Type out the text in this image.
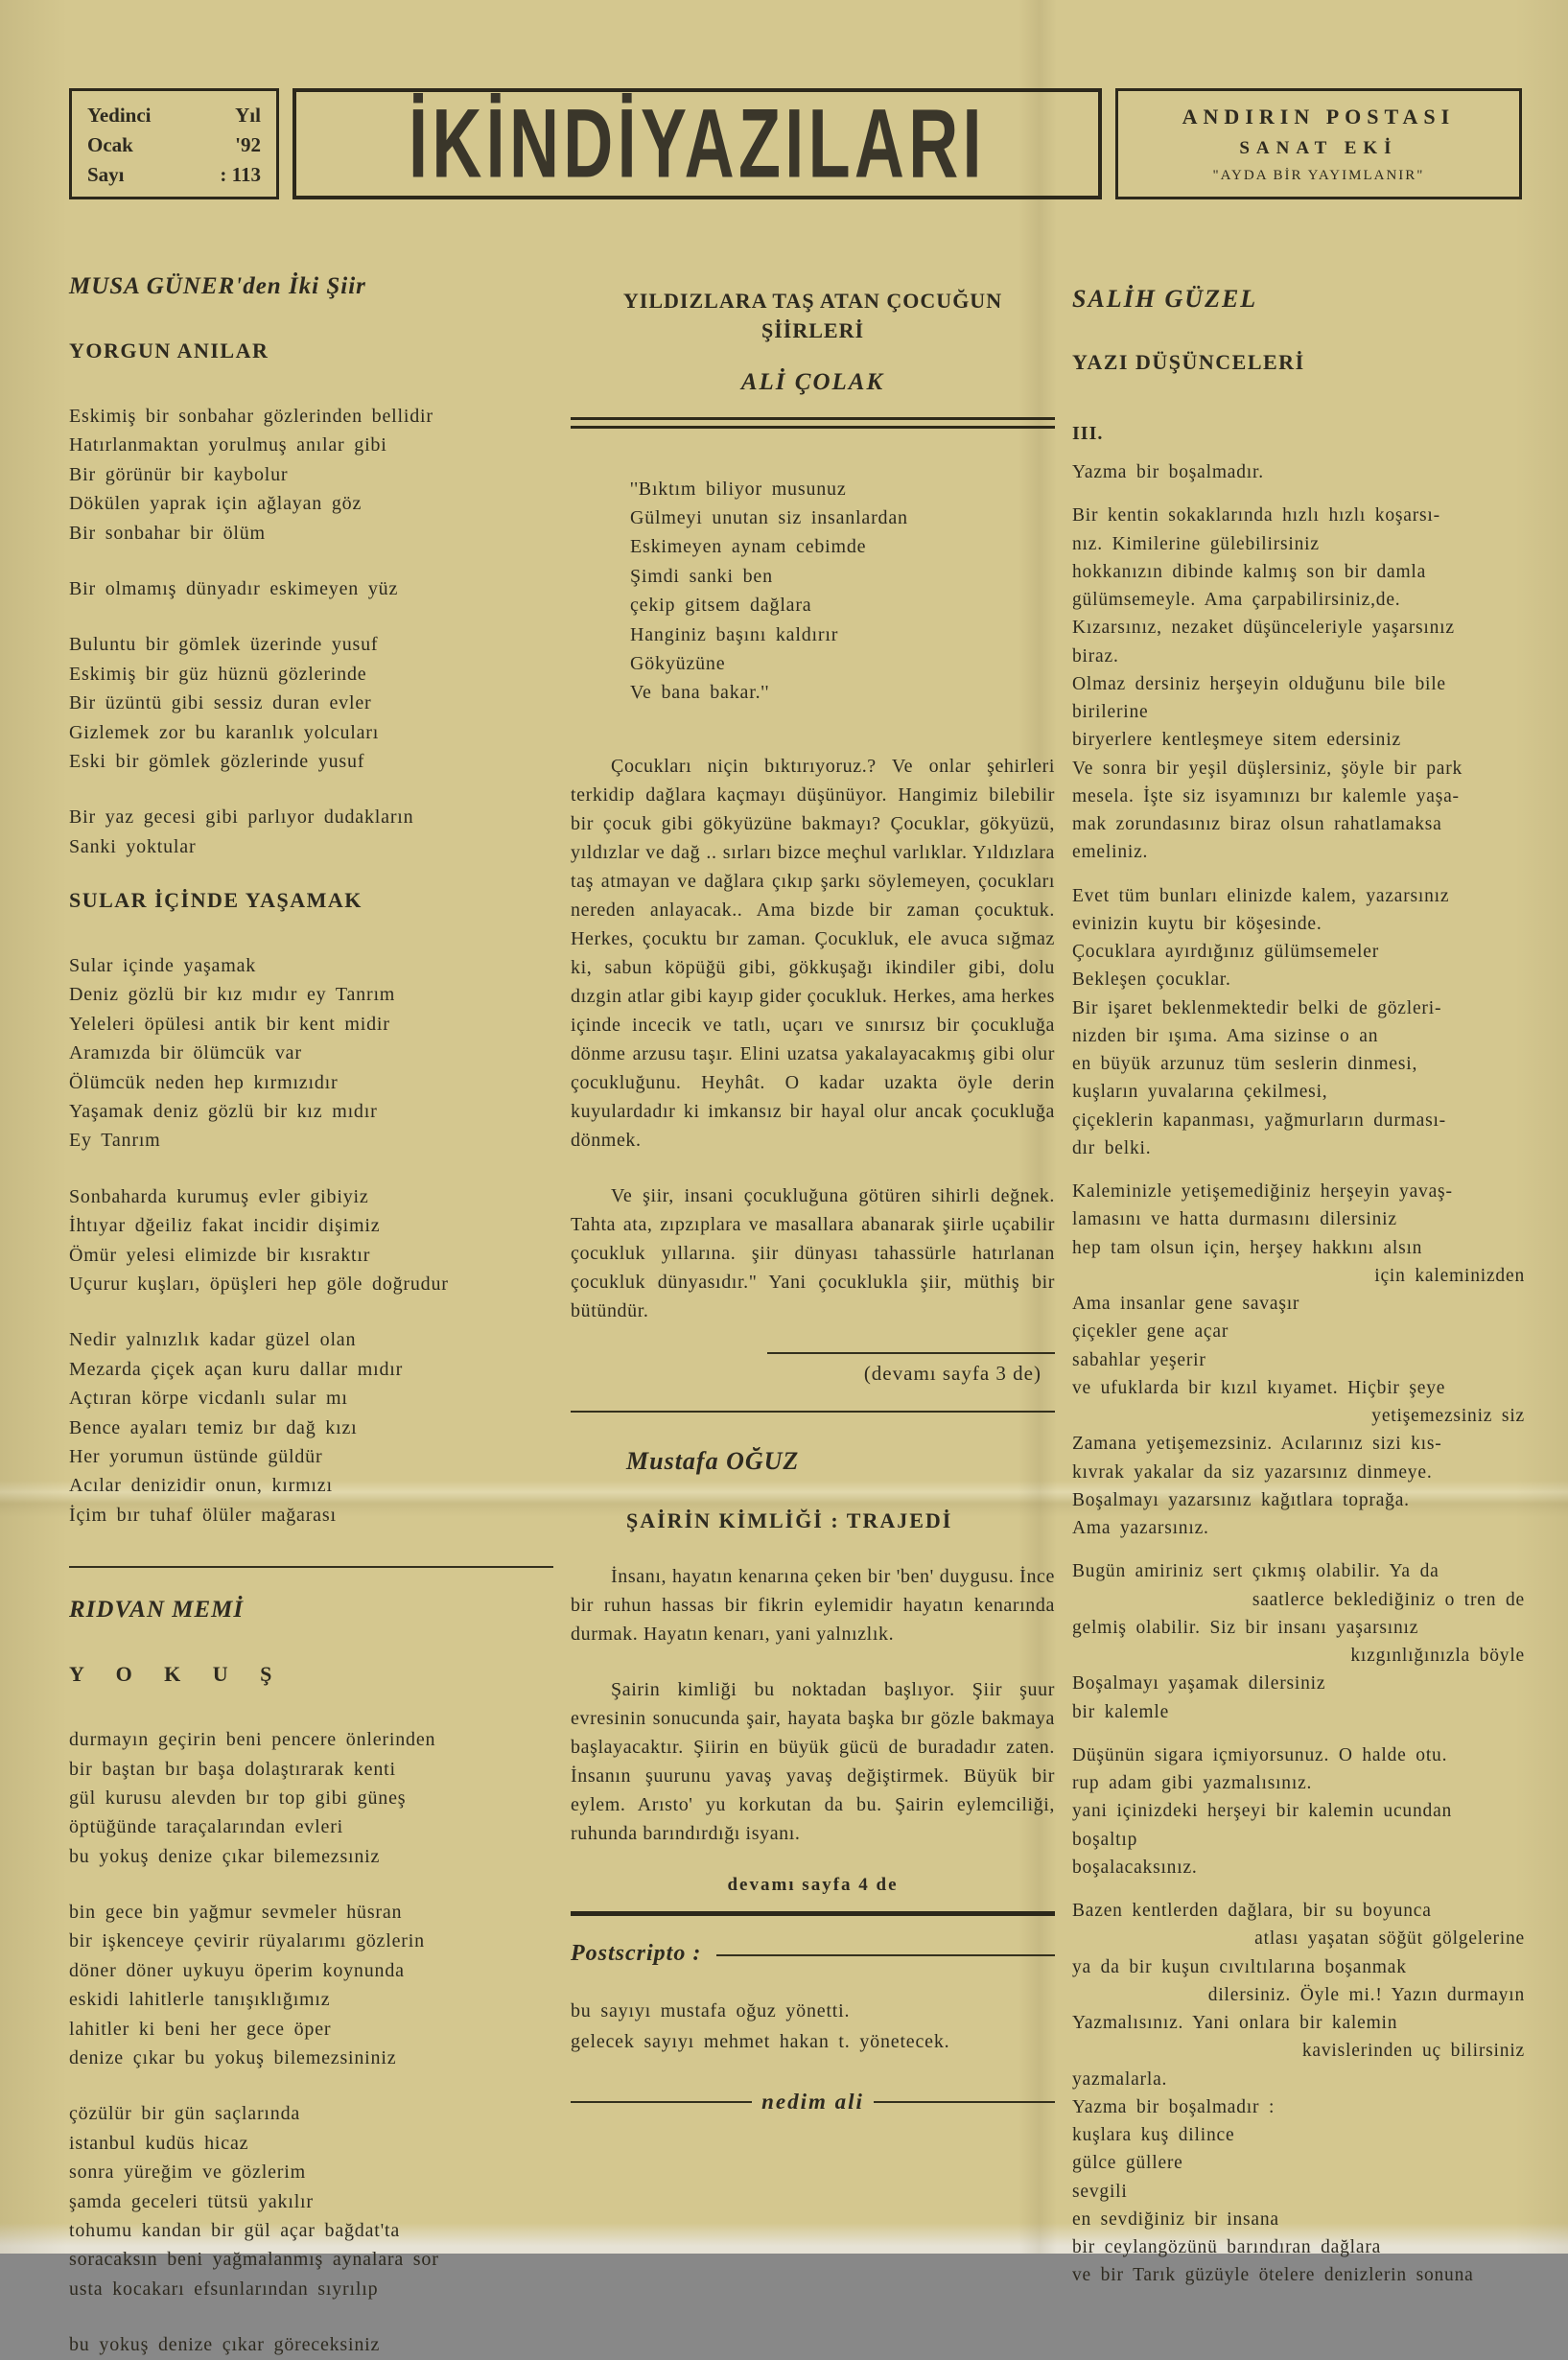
Yedinci	Yıl
Ocak	'92
Sayı	: 113 İKİNDİYAZILARI	ANDIRIN POSTASI
SANAT EKİ
"AYDA BİR YAYIMLANIR"
MUSA GÜNER'den İki Şiir
YORGUN ANILAR
Eskimiş bir sonbahar gözlerinden bellidir
Hatırlanmaktan yorulmuş anılar gibi
Bir görünür bir kaybolur
Dökülen yaprak için ağlayan göz
Bir sonbahar bir ölüm
Bir olmamış dünyadır eskimeyen yüz
Buluntu bir gömlek üzerinde yusuf
Eskimiş bir güz hüznü gözlerinde
Bir üzüntü gibi sessiz duran evler
Gizlemek zor bu karanlık yolcuları
Eski bir gömlek gözlerinde yusuf
Bir yaz gecesi gibi parlıyor dudakların
Sanki yoktular
SULAR İÇİNDE YAŞAMAK
Sular içinde yaşamak
Deniz gözlü bir kız mıdır ey Tanrım
Yeleleri öpülesi antik bir kent midir
Aramızda bir ölümcük var
Ölümcük neden hep kırmızıdır
Yaşamak deniz gözlü bir kız mıdır
Ey Tanrım
Sonbaharda kurumuş evler gibiyiz
İhtıyar dğeiliz fakat incidir dişimiz
Ömür yelesi elimizde bir kısraktır
Uçurur kuşları, öpüşleri hep göle doğrudur
Nedir yalnızlık kadar güzel olan
Mezarda çiçek açan kuru dallar mıdır
Açtıran körpe vicdanlı sular mı
Bence ayaları temiz bır dağ kızı
Her yorumun üstünde güldür
Acılar denizidir onun, kırmızı
İçim bır tuhaf ölüler mağarası
RIDVAN MEMİ
Y O K U Ş
durmayın geçirin beni pencere önlerinden
bir baştan bır başa dolaştırarak kenti
gül kurusu alevden bır top gibi güneş
öptüğünde taraçalarından evleri
bu yokuş denize çıkar bilemezsıniz
bin gece bin yağmur sevmeler hüsran
bir işkenceye çevirir rüyalarımı gözlerin
döner döner uykuyu öperim koynunda
eskidi lahitlerle tanışıklığımız
lahitler ki beni her gece öper
denize çıkar bu yokuş bilemezsininiz
çözülür bir gün saçlarında
istanbul kudüs hicaz
sonra yüreğim ve gözlerim
şamda geceleri tütsü yakılır
tohumu kandan bir gül açar bağdat'ta
soracaksın beni yağmalanmış aynalara sor
usta kocakarı efsunlarından sıyrılıp
bu yokuş denize çıkar göreceksiniz
YILDIZLARA TAŞ ATAN ÇOCUĞUN
ŞİİRLERİ
ALİ ÇOLAK
''Bıktım biliyor musunuz
Gülmeyi unutan siz insanlardan
Eskimeyen aynam cebimde
Şimdi sanki ben
çekip gitsem dağlara
Hanginiz başını kaldırır
Gökyüzüne
Ve bana bakar.''

Çocukları niçin bıktırıyoruz.? Ve onlar şehirleri terkidip dağlara kaçmayı düşünüyor. Hangimiz bilebilir bir çocuk gibi gökyüzüne bakmayı? Çocuklar, gökyüzü, yıldızlar ve dağ .. sırları bizce meçhul varlıklar. Yıldızlara taş atmayan ve dağlara çıkıp şarkı söylemeyen, çocukları nereden anlayacak.. Ama bizde bir zaman çocuktuk. Herkes, çocuktu bır zaman. Çocukluk, ele avuca sığmaz ki, sabun köpüğü gibi, gökkuşağı ikindiler gibi, dolu dızgin atlar gibi kayıp gider çocukluk. Herkes, ama herkes içinde incecik ve tatlı, uçarı ve sınırsız bir çocukluğa dönme arzusu taşır. Elini uzatsa yakalayacakmış gibi olur çocukluğunu. Heyhât. O kadar uzakta öyle derin kuyulardadır ki imkansız bir hayal olur ancak çocukluğa dönmek.

Ve şiir, insani çocukluğuna götüren sihirli değnek. Tahta ata, zıpzıplara ve masallara abanarak şiirle uçabilir çocukluk yıllarına. şiir dünyası tahassürle hatırlanan çocukluk dünyasıdır." Yani çocuklukla şiir, müthiş bir bütündür.

(devamı sayfa 3 de)
Mustafa OĞUZ
ŞAİRİN KİMLİĞİ : TRAJEDİ

İnsanı, hayatın kenarına çeken bir 'ben' duygusu. İnce bir ruhun hassas bir fikrin eylemidir hayatın kenarında durmak. Hayatın kenarı, yani yalnızlık.

Şairin kimliği bu noktadan başlıyor. Şiir şuur evresinin sonucunda şair, hayata başka bır gözle bakmaya başlayacaktır. Şiirin en büyük gücü de buradadır zaten. İnsanın şuurunu yavaş yavaş değiştirmek. Büyük bir eylem. Arısto' yu korkutan da bu. Şairin eylemciliği, ruhunda barındırdığı isyanı.

devamı sayfa 4 de
Postscripto :
bu sayıyı mustafa oğuz yönetti.
gelecek sayıyı mehmet hakan t. yönetecek.
nedim ali
SALİH GÜZEL
YAZI DÜŞÜNCELERİ
III.
Yazma bir boşalmadır.
Bir kentin sokaklarında hızlı hızlı koşarsı-
nız. Kimilerine gülebilirsiniz
hokkanızın dibinde kalmış son bir damla
gülümsemeyle. Ama çarpabilirsiniz,de.
Kızarsınız, nezaket düşünceleriyle yaşarsınız
biraz.
Olmaz dersiniz herşeyin olduğunu bile bile
birilerine
biryerlere kentleşmeye sitem edersiniz
Ve sonra bir yeşil düşlersiniz, şöyle bir park
mesela. İşte siz isyamınızı bır kalemle yaşa-
mak zorundasınız biraz olsun rahatlamaksa
emeliniz.
Evet tüm bunları elinizde kalem, yazarsınız
evinizin kuytu bir köşesinde.
Çocuklara ayırdığınız gülümsemeler
Bekleşen çocuklar.
Bir işaret beklenmektedir belki de gözleri-
nizden bir ışıma. Ama sizinse o an
en büyük arzunuz tüm seslerin dinmesi,
kuşların yuvalarına çekilmesi,
çiçeklerin kapanması, yağmurların durması-
dır belki.
Kaleminizle yetişemediğiniz herşeyin yavaş-
lamasını ve hatta durmasını dilersiniz
hep tam olsun için, herşey hakkını alsın
için kaleminizden
Ama insanlar gene savaşır
çiçekler gene açar
sabahlar yeşerir
ve ufuklarda bir kızıl kıyamet. Hiçbir şeye
yetişemezsiniz siz
Zamana yetişemezsiniz. Acılarınız sizi kıs-
kıvrak yakalar da siz yazarsınız dinmeye.
Boşalmayı yazarsınız kağıtlara toprağa.
Ama yazarsınız.
Bugün amiriniz sert çıkmış olabilir. Ya da
saatlerce beklediğiniz o tren de
gelmiş olabilir. Siz bir insanı yaşarsınız
kızgınlığınızla böyle
Boşalmayı yaşamak dilersiniz
bir kalemle
Düşünün sigara içmiyorsunuz. O halde otu.
rup adam gibi yazmalısınız.
yani içinizdeki herşeyi bir kalemin ucundan
boşaltıp
boşalacaksınız.
Bazen kentlerden dağlara, bir su boyunca
atlası yaşatan söğüt gölgelerine
ya da bir kuşun cıvıltılarına boşanmak
dilersiniz. Öyle mi.! Yazın durmayın
Yazmalısınız. Yani onlara bir kalemin
kavislerinden uç bilirsiniz
yazmalarla.
Yazma bir boşalmadır :
kuşlara kuş dilince
gülce güllere
sevgili
en sevdiğiniz bir insana
bir ceylangözünü barındıran dağlara
ve bir Tarık güzüyle ötelere denizlerin sonuna
